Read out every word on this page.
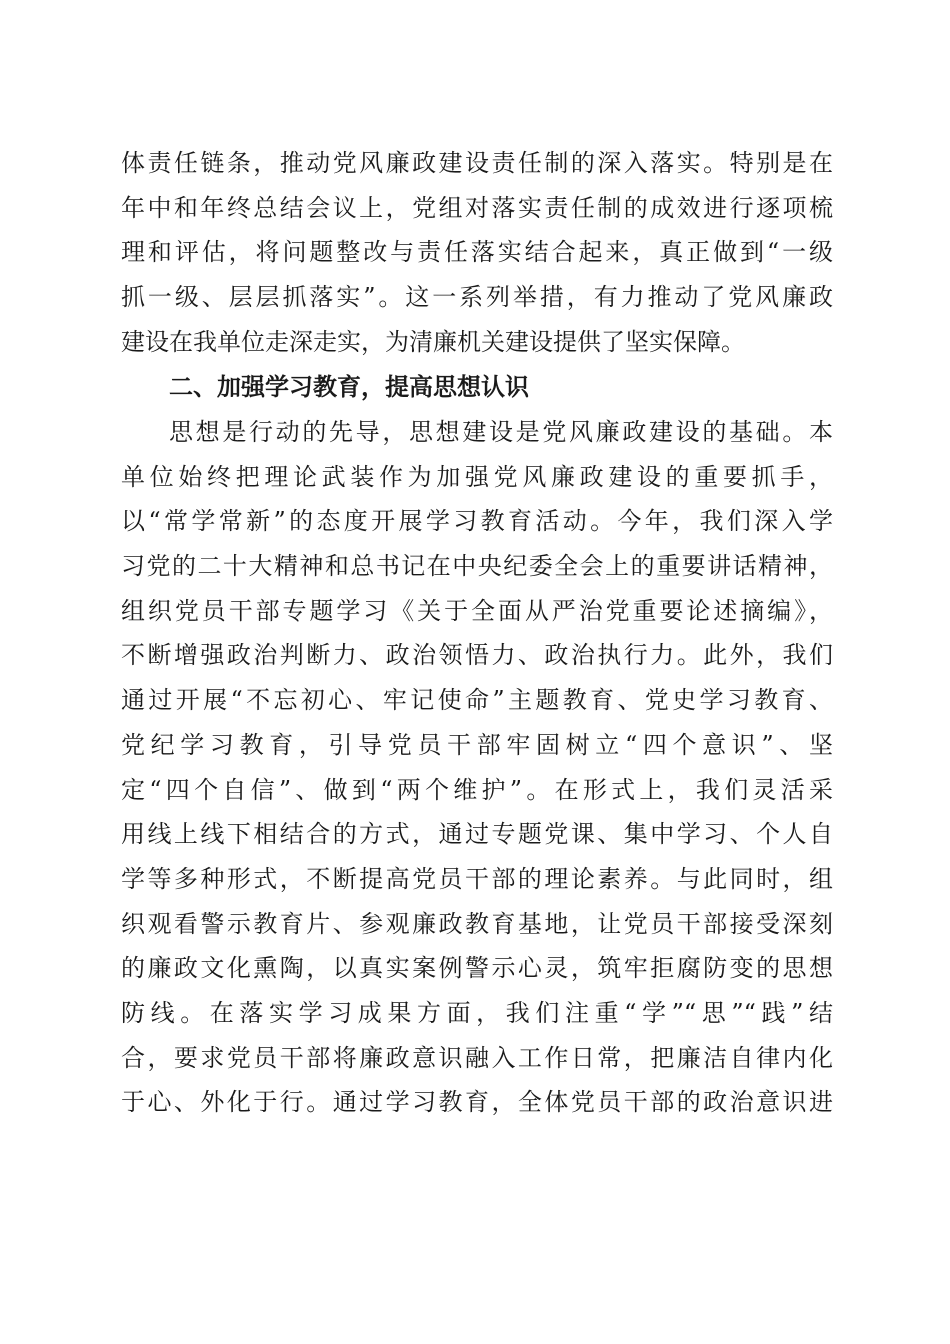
体责任链条，推动党风廉政建设责任制的深入落实。特别是在
年中和年终总结会议上，党组对落实责任制的成效进行逐项梳
理和评估，将问题整改与责任落实结合起来，真正做到“一级
抓一级、层层抓落实”。这一系列举措，有力推动了党风廉政
建设在我单位走深走实，为清廉机关建设提供了坚实保障。
二、加强学习教育，提高思想认识
思想是行动的先导，思想建设是党风廉政建设的基础。本
单位始终把理论武装作为加强党风廉政建设的重要抓手，
以“常学常新”的态度开展学习教育活动。今年，我们深入学
习党的二十大精神和总书记在中央纪委全会上的重要讲话精神，
组织党员干部专题学习《关于全面从严治党重要论述摘编》，
不断增强政治判断力、政治领悟力、政治执行力。此外，我们
通过开展“不忘初心、牢记使命”主题教育、党史学习教育、
党纪学习教育，引导党员干部牢固树立“四个意识”、坚
定“四个自信”、做到“两个维护”。在形式上，我们灵活采
用线上线下相结合的方式，通过专题党课、集中学习、个人自
学等多种形式，不断提高党员干部的理论素养。与此同时，组
织观看警示教育片、参观廉政教育基地，让党员干部接受深刻
的廉政文化熏陶，以真实案例警示心灵，筑牢拒腐防变的思想
防线。在落实学习成果方面，我们注重“学”“思”“践”结
合，要求党员干部将廉政意识融入工作日常，把廉洁自律内化
于心、外化于行。通过学习教育，全体党员干部的政治意识进
